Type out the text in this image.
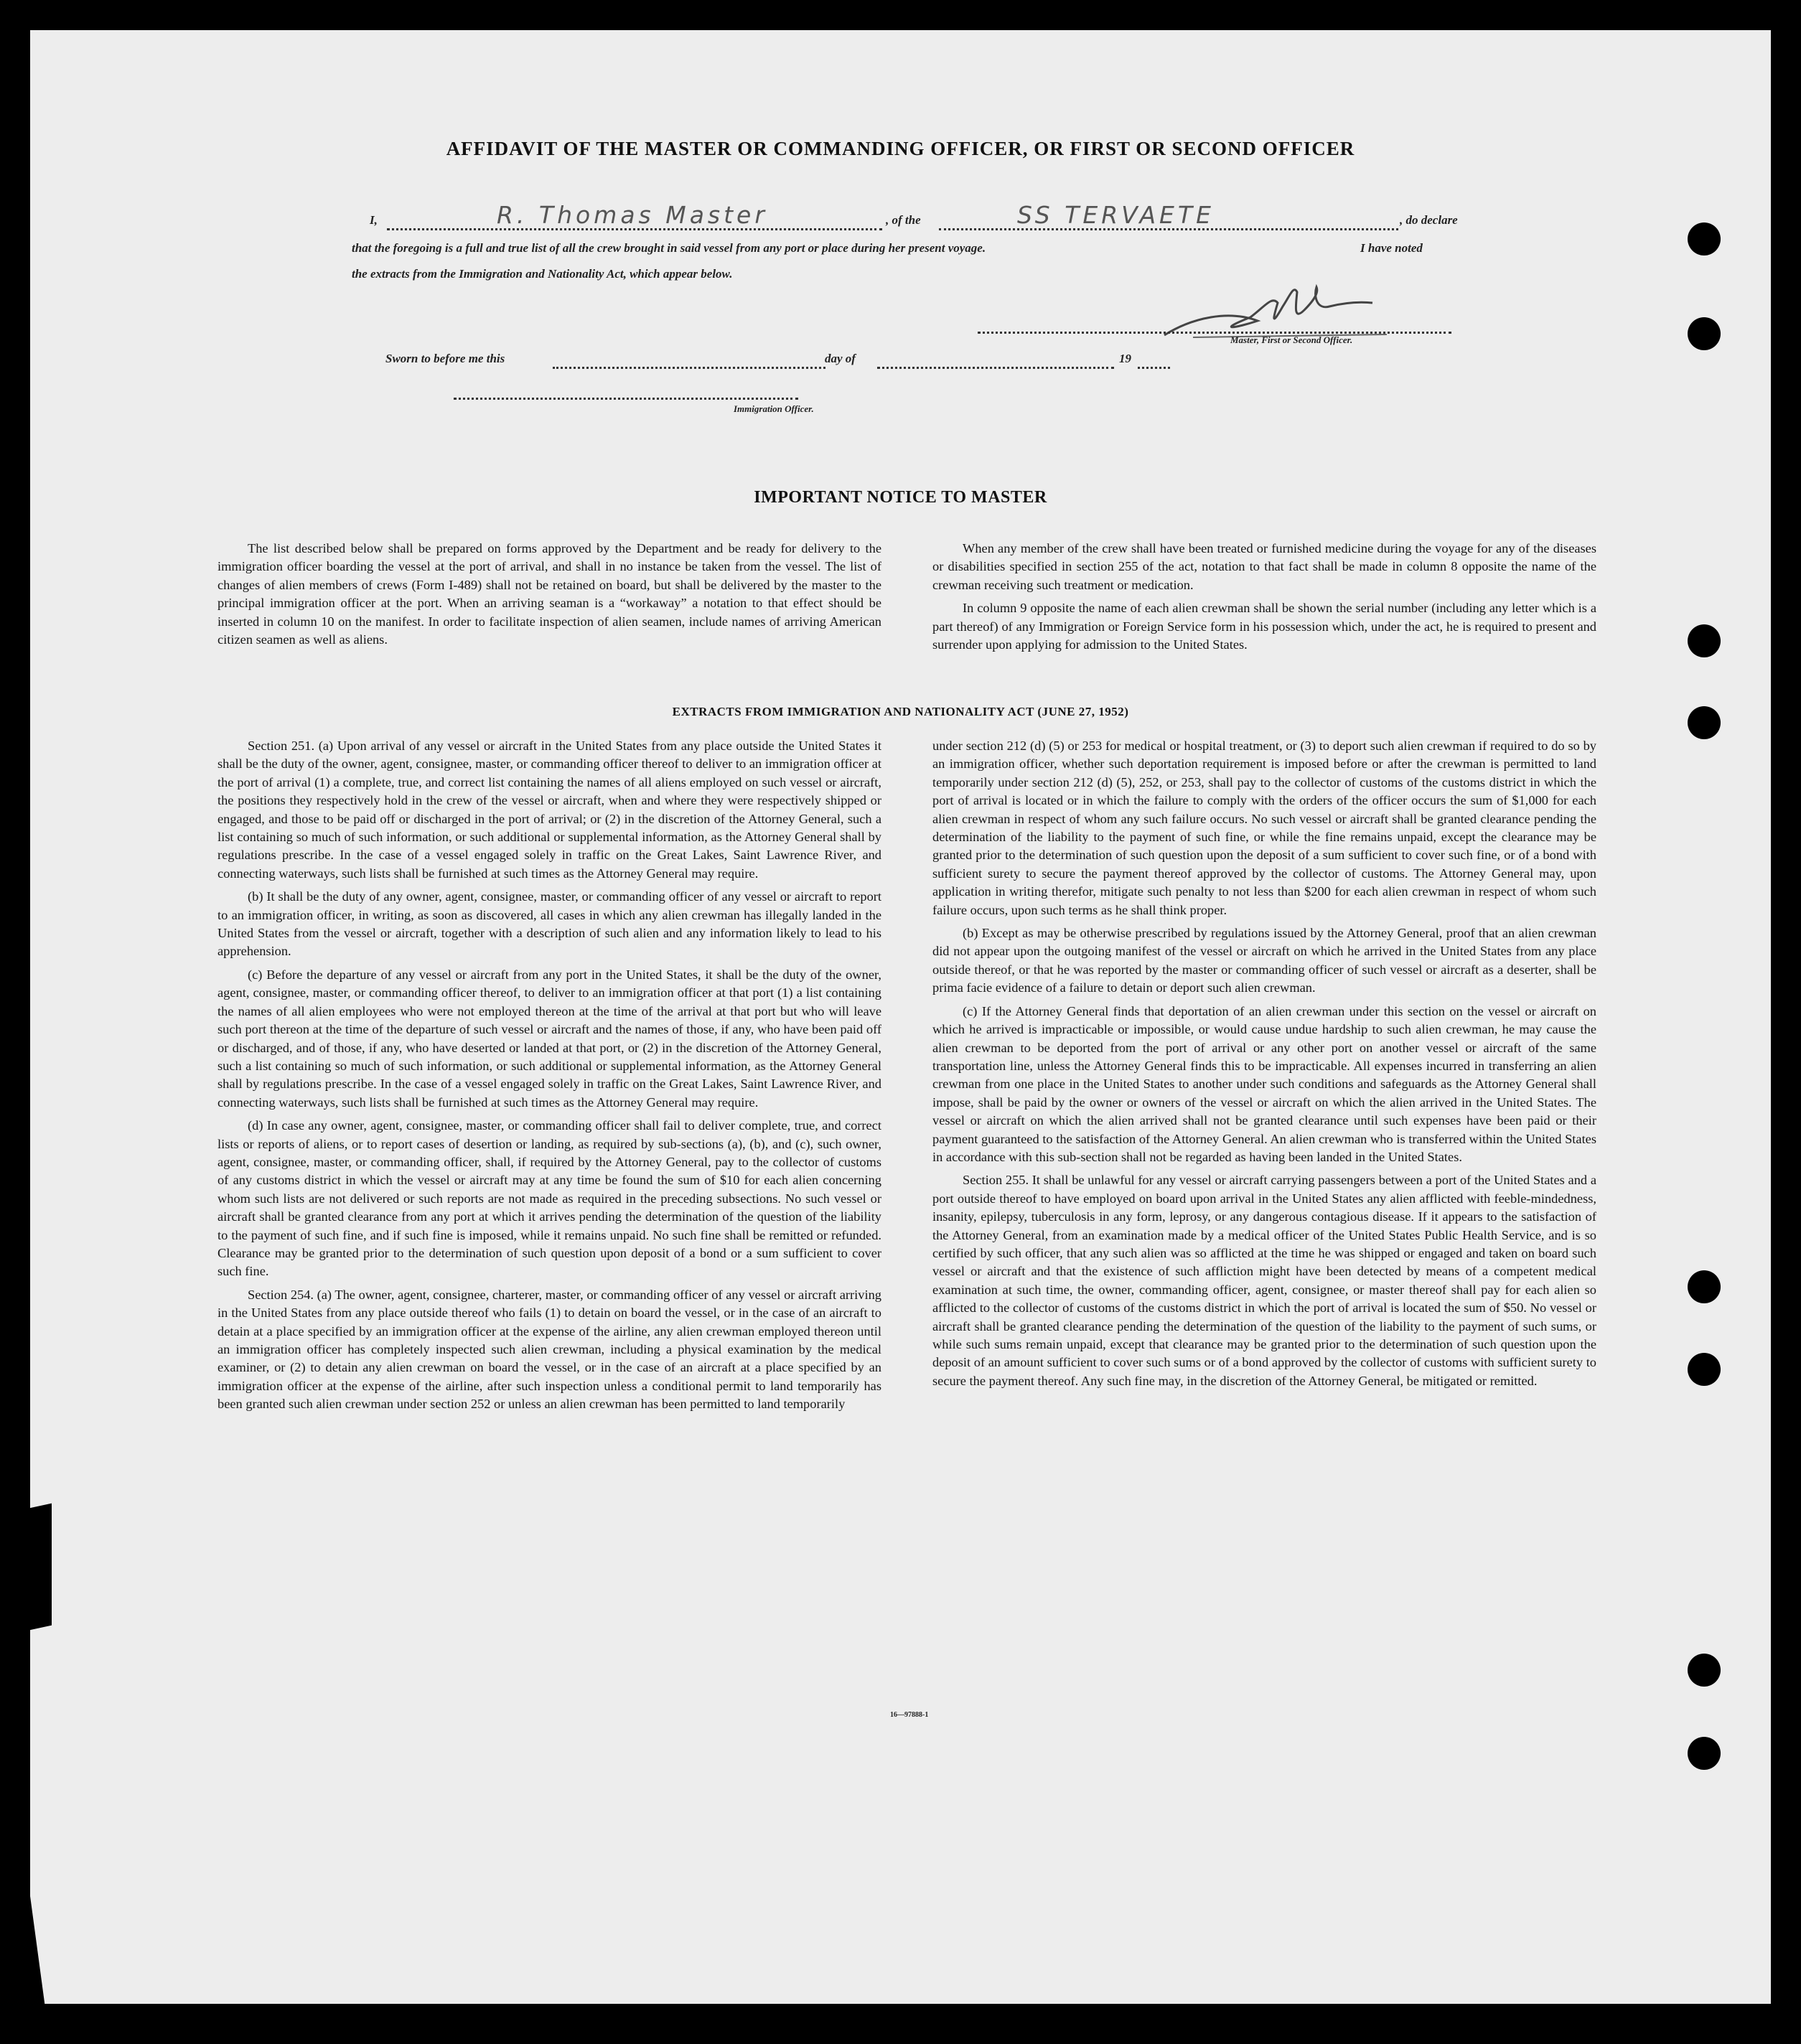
AFFIDAVIT OF THE MASTER OR COMMANDING OFFICER, OR FIRST OR SECOND OFFICER
I,	R. Thomas Master	, of the	SS TERVAETE	, do declare
that the foregoing is a full and true list of all the crew brought in said vessel from any port or place during her present voyage.	I have noted
the extracts from the Immigration and Nationality Act, which appear below.
Master, First or Second Officer.
Sworn to before me this	day of	19
Immigration Officer.
IMPORTANT NOTICE TO MASTER

The list described below shall be prepared on forms approved by the Department and be ready for delivery to the immigration officer boarding the vessel at the port of arrival, and shall in no instance be taken from the vessel. The list of changes of alien members of crews (Form I-489) shall not be retained on board, but shall be delivered by the master to the principal immigration officer at the port. When an arriving seaman is a “workaway” a notation to that effect should be inserted in column 10 on the manifest. In order to facilitate inspection of alien seamen, include names of arriving American citizen seamen as well as aliens.

When any member of the crew shall have been treated or furnished medicine during the voyage for any of the diseases or disabilities specified in section 255 of the act, notation to that fact shall be made in column 8 opposite the name of the crewman receiving such treatment or medication.

In column 9 opposite the name of each alien crewman shall be shown the serial number (including any letter which is a part thereof) of any Immigration or Foreign Service form in his possession which, under the act, he is required to present and surrender upon applying for admission to the United States.

EXTRACTS FROM IMMIGRATION AND NATIONALITY ACT (JUNE 27, 1952)

Section 251. (a) Upon arrival of any vessel or aircraft in the United States from any place outside the United States it shall be the duty of the owner, agent, consignee, master, or commanding officer thereof to deliver to an immigration officer at the port of arrival (1) a complete, true, and correct list containing the names of all aliens employed on such vessel or aircraft, the positions they respectively hold in the crew of the vessel or aircraft, when and where they were respectively shipped or engaged, and those to be paid off or discharged in the port of arrival; or (2) in the discretion of the Attorney General, such a list containing so much of such information, or such additional or supplemental information, as the Attorney General shall by regulations prescribe. In the case of a vessel engaged solely in traffic on the Great Lakes, Saint Lawrence River, and connecting waterways, such lists shall be furnished at such times as the Attorney General may require.

(b) It shall be the duty of any owner, agent, consignee, master, or commanding officer of any vessel or aircraft to report to an immigration officer, in writing, as soon as discovered, all cases in which any alien crewman has illegally landed in the United States from the vessel or aircraft, together with a description of such alien and any information likely to lead to his apprehension.

(c) Before the departure of any vessel or aircraft from any port in the United States, it shall be the duty of the owner, agent, consignee, master, or commanding officer thereof, to deliver to an immigration officer at that port (1) a list containing the names of all alien employees who were not employed thereon at the time of the arrival at that port but who will leave such port thereon at the time of the departure of such vessel or aircraft and the names of those, if any, who have been paid off or discharged, and of those, if any, who have deserted or landed at that port, or (2) in the discretion of the Attorney General, such a list containing so much of such information, or such additional or supplemental information, as the Attorney General shall by regulations prescribe. In the case of a vessel engaged solely in traffic on the Great Lakes, Saint Lawrence River, and connecting waterways, such lists shall be furnished at such times as the Attorney General may require.

(d) In case any owner, agent, consignee, master, or commanding officer shall fail to deliver complete, true, and correct lists or reports of aliens, or to report cases of desertion or landing, as required by sub-sections (a), (b), and (c), such owner, agent, consignee, master, or commanding officer, shall, if required by the Attorney General, pay to the collector of customs of any customs district in which the vessel or aircraft may at any time be found the sum of $10 for each alien concerning whom such lists are not delivered or such reports are not made as required in the preceding subsections. No such vessel or aircraft shall be granted clearance from any port at which it arrives pending the determination of the question of the liability to the payment of such fine, and if such fine is imposed, while it remains unpaid. No such fine shall be remitted or refunded. Clearance may be granted prior to the determination of such question upon deposit of a bond or a sum sufficient to cover such fine.

Section 254. (a) The owner, agent, consignee, charterer, master, or commanding officer of any vessel or aircraft arriving in the United States from any place outside thereof who fails (1) to detain on board the vessel, or in the case of an aircraft to detain at a place specified by an immigration officer at the expense of the airline, any alien crewman employed thereon until an immigration officer has completely inspected such alien crewman, including a physical examination by the medical examiner, or (2) to detain any alien crewman on board the vessel, or in the case of an aircraft at a place specified by an immigration officer at the expense of the airline, after such inspection unless a conditional permit to land temporarily has been granted such alien crewman under section 252 or unless an alien crewman has been permitted to land temporarily

under section 212 (d) (5) or 253 for medical or hospital treatment, or (3) to deport such alien crewman if required to do so by an immigration officer, whether such deportation requirement is imposed before or after the crewman is permitted to land temporarily under section 212 (d) (5), 252, or 253, shall pay to the collector of customs of the customs district in which the port of arrival is located or in which the failure to comply with the orders of the officer occurs the sum of $1,000 for each alien crewman in respect of whom any such failure occurs. No such vessel or aircraft shall be granted clearance pending the determination of the liability to the payment of such fine, or while the fine remains unpaid, except the clearance may be granted prior to the determination of such question upon the deposit of a sum sufficient to cover such fine, or of a bond with sufficient surety to secure the payment thereof approved by the collector of customs. The Attorney General may, upon application in writing therefor, mitigate such penalty to not less than $200 for each alien crewman in respect of whom such failure occurs, upon such terms as he shall think proper.

(b) Except as may be otherwise prescribed by regulations issued by the Attorney General, proof that an alien crewman did not appear upon the outgoing manifest of the vessel or aircraft on which he arrived in the United States from any place outside thereof, or that he was reported by the master or commanding officer of such vessel or aircraft as a deserter, shall be prima facie evidence of a failure to detain or deport such alien crewman.

(c) If the Attorney General finds that deportation of an alien crewman under this section on the vessel or aircraft on which he arrived is impracticable or impossible, or would cause undue hardship to such alien crewman, he may cause the alien crewman to be deported from the port of arrival or any other port on another vessel or aircraft of the same transportation line, unless the Attorney General finds this to be impracticable. All expenses incurred in transferring an alien crewman from one place in the United States to another under such conditions and safeguards as the Attorney General shall impose, shall be paid by the owner or owners of the vessel or aircraft on which the alien arrived in the United States. The vessel or aircraft on which the alien arrived shall not be granted clearance until such expenses have been paid or their payment guaranteed to the satisfaction of the Attorney General. An alien crewman who is transferred within the United States in accordance with this sub-section shall not be regarded as having been landed in the United States.

Section 255. It shall be unlawful for any vessel or aircraft carrying passengers between a port of the United States and a port outside thereof to have employed on board upon arrival in the United States any alien afflicted with feeble-mindedness, insanity, epilepsy, tuberculosis in any form, leprosy, or any dangerous contagious disease. If it appears to the satisfaction of the Attorney General, from an examination made by a medical officer of the United States Public Health Service, and is so certified by such officer, that any such alien was so afflicted at the time he was shipped or engaged and taken on board such vessel or aircraft and that the existence of such affliction might have been detected by means of a competent medical examination at such time, the owner, commanding officer, agent, consignee, or master thereof shall pay for each alien so afflicted to the collector of customs of the customs district in which the port of arrival is located the sum of $50. No vessel or aircraft shall be granted clearance pending the determination of the question of the liability to the payment of such sums, or while such sums remain unpaid, except that clearance may be granted prior to the determination of such question upon the deposit of an amount sufficient to cover such sums or of a bond approved by the collector of customs with sufficient surety to secure the payment thereof. Any such fine may, in the discretion of the Attorney General, be mitigated or remitted.

16—97888-1
